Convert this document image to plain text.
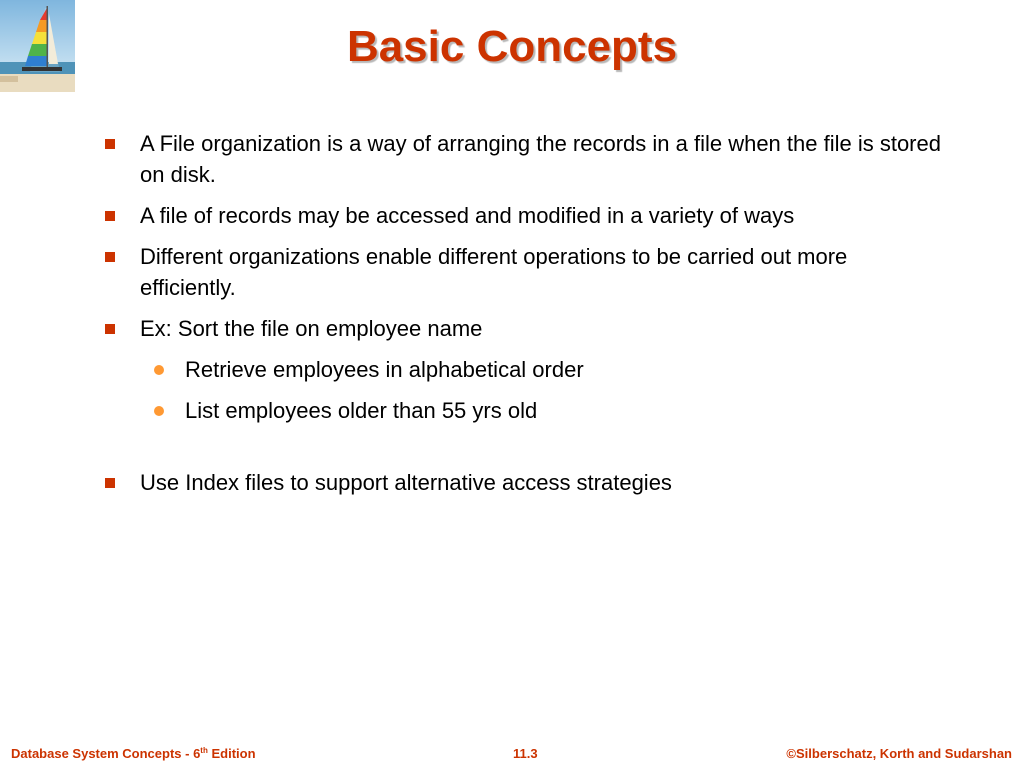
Basic Concepts
A File organization is a way of arranging the records in a file when the file is stored on disk.
A file of records may be accessed and modified in a variety of ways
Different organizations enable different operations to be carried out more efficiently.
Ex: Sort the file on employee name
Retrieve employees in alphabetical order
List employees older than 55 yrs old
Use Index files to support alternative access strategies
Database System Concepts - 6th Edition	11.3	©Silberschatz, Korth and Sudarshan
